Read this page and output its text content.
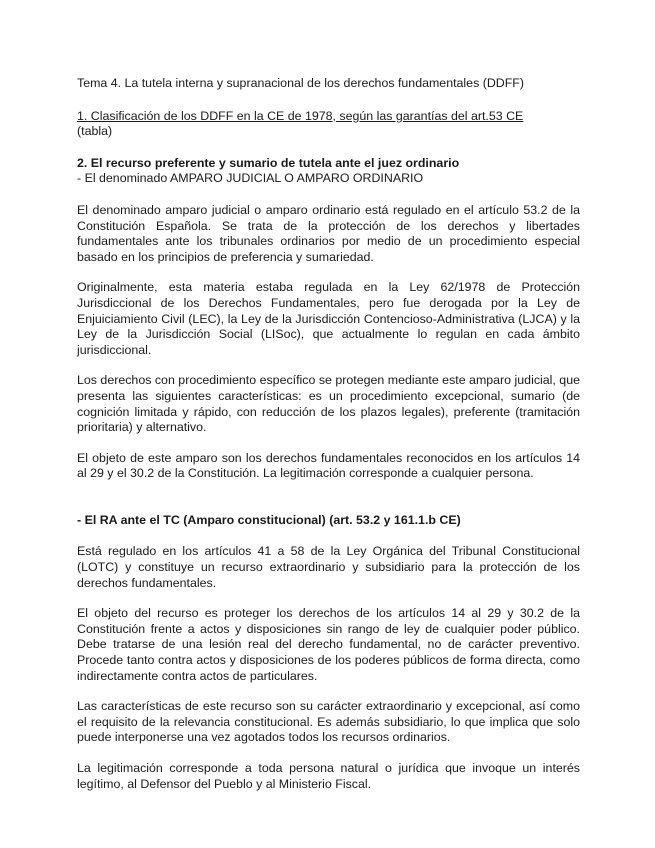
Tema 4. La tutela interna y supranacional de los derechos fundamentales (DDFF)

1. Clasificación de los DDFF en la CE de 1978, según las garantías del art.53 CE

(tabla)

2. El recurso preferente y sumario de tutela ante el juez ordinario

- El denominado AMPARO JUDICIAL O AMPARO ORDINARIO

El denominado amparo judicial o amparo ordinario está regulado en el artículo 53.2 de la Constitución Española. Se trata de la protección de los derechos y libertades fundamentales ante los tribunales ordinarios por medio de un procedimiento especial basado en los principios de preferencia y sumariedad.

Originalmente, esta materia estaba regulada en la Ley 62/1978 de Protección Jurisdiccional de los Derechos Fundamentales, pero fue derogada por la Ley de Enjuiciamiento Civil (LEC), la Ley de la Jurisdicción Contencioso-Administrativa (LJCA) y la Ley de la Jurisdicción Social (LISoc), que actualmente lo regulan en cada ámbito jurisdiccional.

Los derechos con procedimiento específico se protegen mediante este amparo judicial, que presenta las siguientes características: es un procedimiento excepcional, sumario (de cognición limitada y rápido, con reducción de los plazos legales), preferente (tramitación prioritaria) y alternativo.

El objeto de este amparo son los derechos fundamentales reconocidos en los artículos 14 al 29 y el 30.2 de la Constitución. La legitimación corresponde a cualquier persona.

- El RA ante el TC (Amparo constitucional) (art. 53.2 y 161.1.b CE)

Está regulado en los artículos 41 a 58 de la Ley Orgánica del Tribunal Constitucional (LOTC) y constituye un recurso extraordinario y subsidiario para la protección de los derechos fundamentales.

El objeto del recurso es proteger los derechos de los artículos 14 al 29 y 30.2 de la Constitución frente a actos y disposiciones sin rango de ley de cualquier poder público. Debe tratarse de una lesión real del derecho fundamental, no de carácter preventivo. Procede tanto contra actos y disposiciones de los poderes públicos de forma directa, como indirectamente contra actos de particulares.

Las características de este recurso son su carácter extraordinario y excepcional, así como el requisito de la relevancia constitucional. Es además subsidiario, lo que implica que solo puede interponerse una vez agotados todos los recursos ordinarios.

La legitimación corresponde a toda persona natural o jurídica que invoque un interés legítimo, al Defensor del Pueblo y al Ministerio Fiscal.
